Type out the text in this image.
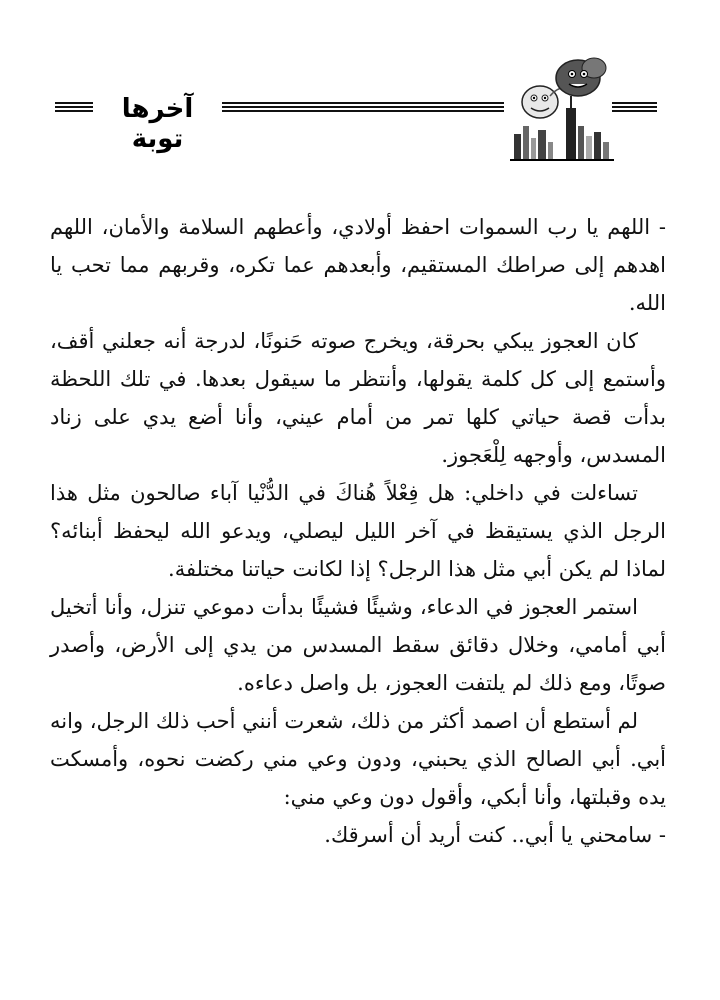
آخرها توبة

- اللهم يا رب السموات احفظ أولادي، وأعطهم السلامة والأمان، اللهم اهدهم إلى صراطك المستقيم، وأبعدهم عما تكره، وقربهم مما تحب يا الله.

كان العجوز يبكي بحرقة، ويخرج صوته حَنونًا، لدرجة أنه جعلني أقف، وأستمع إلى كل كلمة يقولها، وأنتظر ما سيقول بعدها. في تلك اللحظة بدأت قصة حياتي كلها تمر من أمام عيني، وأنا أضع يدي على زناد المسدس، وأوجهه لِلْعَجوز.

تساءلت في داخلي: هل فِعْلاً هُناكَ في الدُّنْيا آباء صالحون مثل هذا الرجل الذي يستيقظ في آخر الليل ليصلي، ويدعو الله ليحفظ أبنائه؟ لماذا لم يكن أبي مثل هذا الرجل؟ إذا لكانت حياتنا مختلفة.

استمر العجوز في الدعاء، وشيئًا فشيئًا بدأت دموعي تنزل، وأنا أتخيل أبي أمامي، وخلال دقائق سقط المسدس من يدي إلى الأرض، وأصدر صوتًا، ومع ذلك لم يلتفت العجوز، بل واصل دعاءه.

لم أستطع أن اصمد أكثر من ذلك، شعرت أنني أحب ذلك الرجل، وانه أبي. أبي الصالح الذي يحبني، ودون وعي مني ركضت نحوه، وأمسكت يده وقبلتها، وأنا أبكي، وأقول دون وعي مني:

- سامحني يا أبي.. كنت أريد أن أسرقك.
